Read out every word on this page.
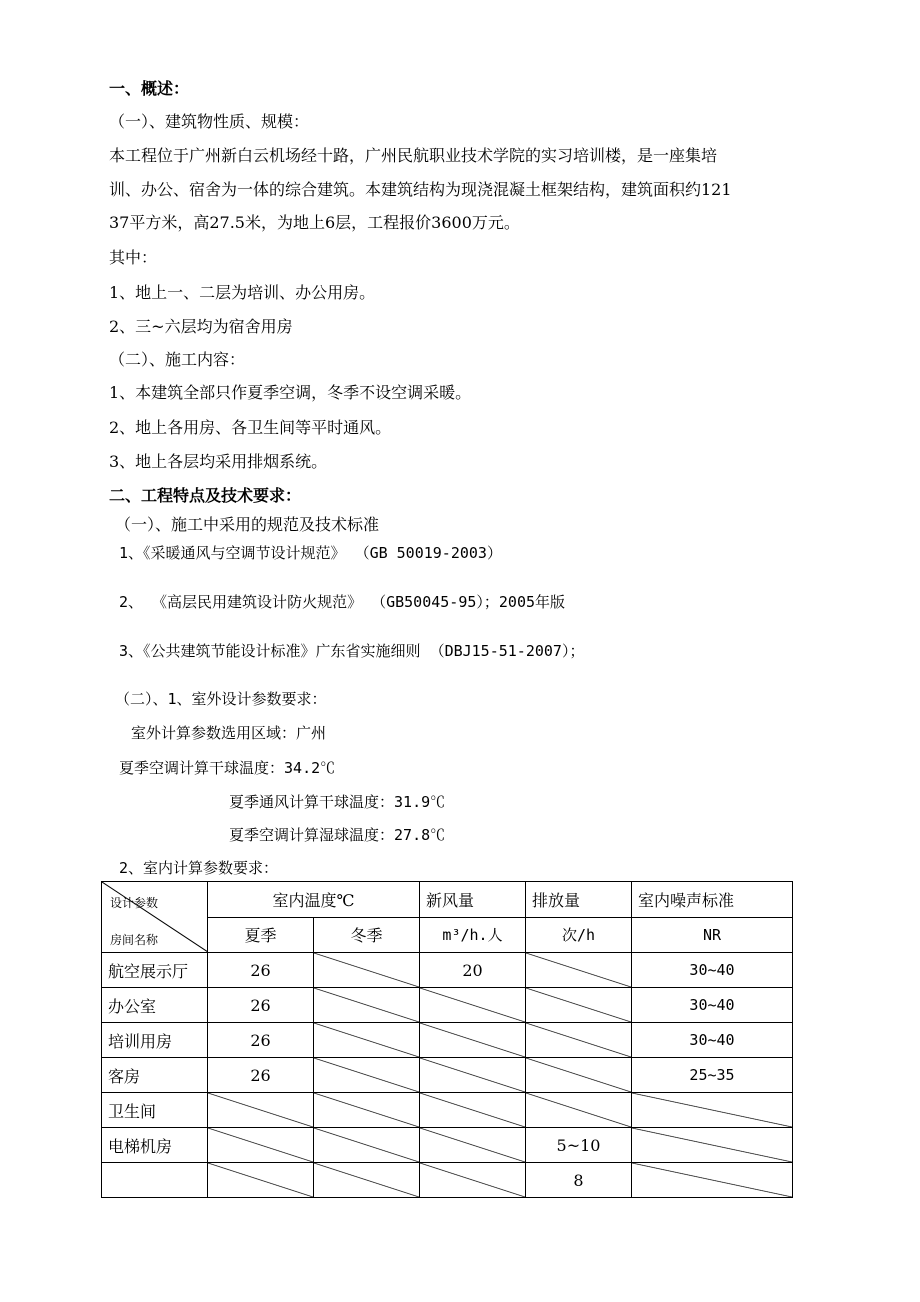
一、概述：
（一）、建筑物性质、规模：
本工程位于广州新白云机场经十路，广州民航职业技术学院的实习培训楼，是一座集培
训、办公、宿舍为一体的综合建筑。本建筑结构为现浇混凝土框架结构，建筑面积约121
37平方米，高27.5米，为地上6层，工程报价3600万元。
其中：
1、地上一、二层为培训、办公用房。
2、三~六层均为宿舍用房
（二）、施工内容：
1、本建筑全部只作夏季空调，冬季不设空调采暖。
2、地上各用房、各卫生间等平时通风。
3、地上各层均采用排烟系统。
二、工程特点及技术要求：
（一）、施工中采用的规范及技术标准
1、《采暖通风与空调节设计规范》 （GB 50019-2003）
2、 《高层民用建筑设计防火规范》 （GB50045-95）；2005年版
3、《公共建筑节能设计标准》广东省实施细则 （DBJ15-51-2007）；
（二）、1、室外设计参数要求：
室外计算参数选用区域：广州
夏季空调计算干球温度：34.2℃
夏季通风计算干球温度：31.9℃
夏季空调计算湿球温度：27.8℃
2、室内计算参数要求：
设计参数
房间名称	室内温度℃		新风量	排放量	室内噪声标准
	夏季	冬季	m³/h.人	次/h	NR
航空展示厅	26		20		30~40
办公室	26				30~40
培训用房	26				30~40
客房	26				25~35
卫生间					
电梯机房				5~10	
				8	
